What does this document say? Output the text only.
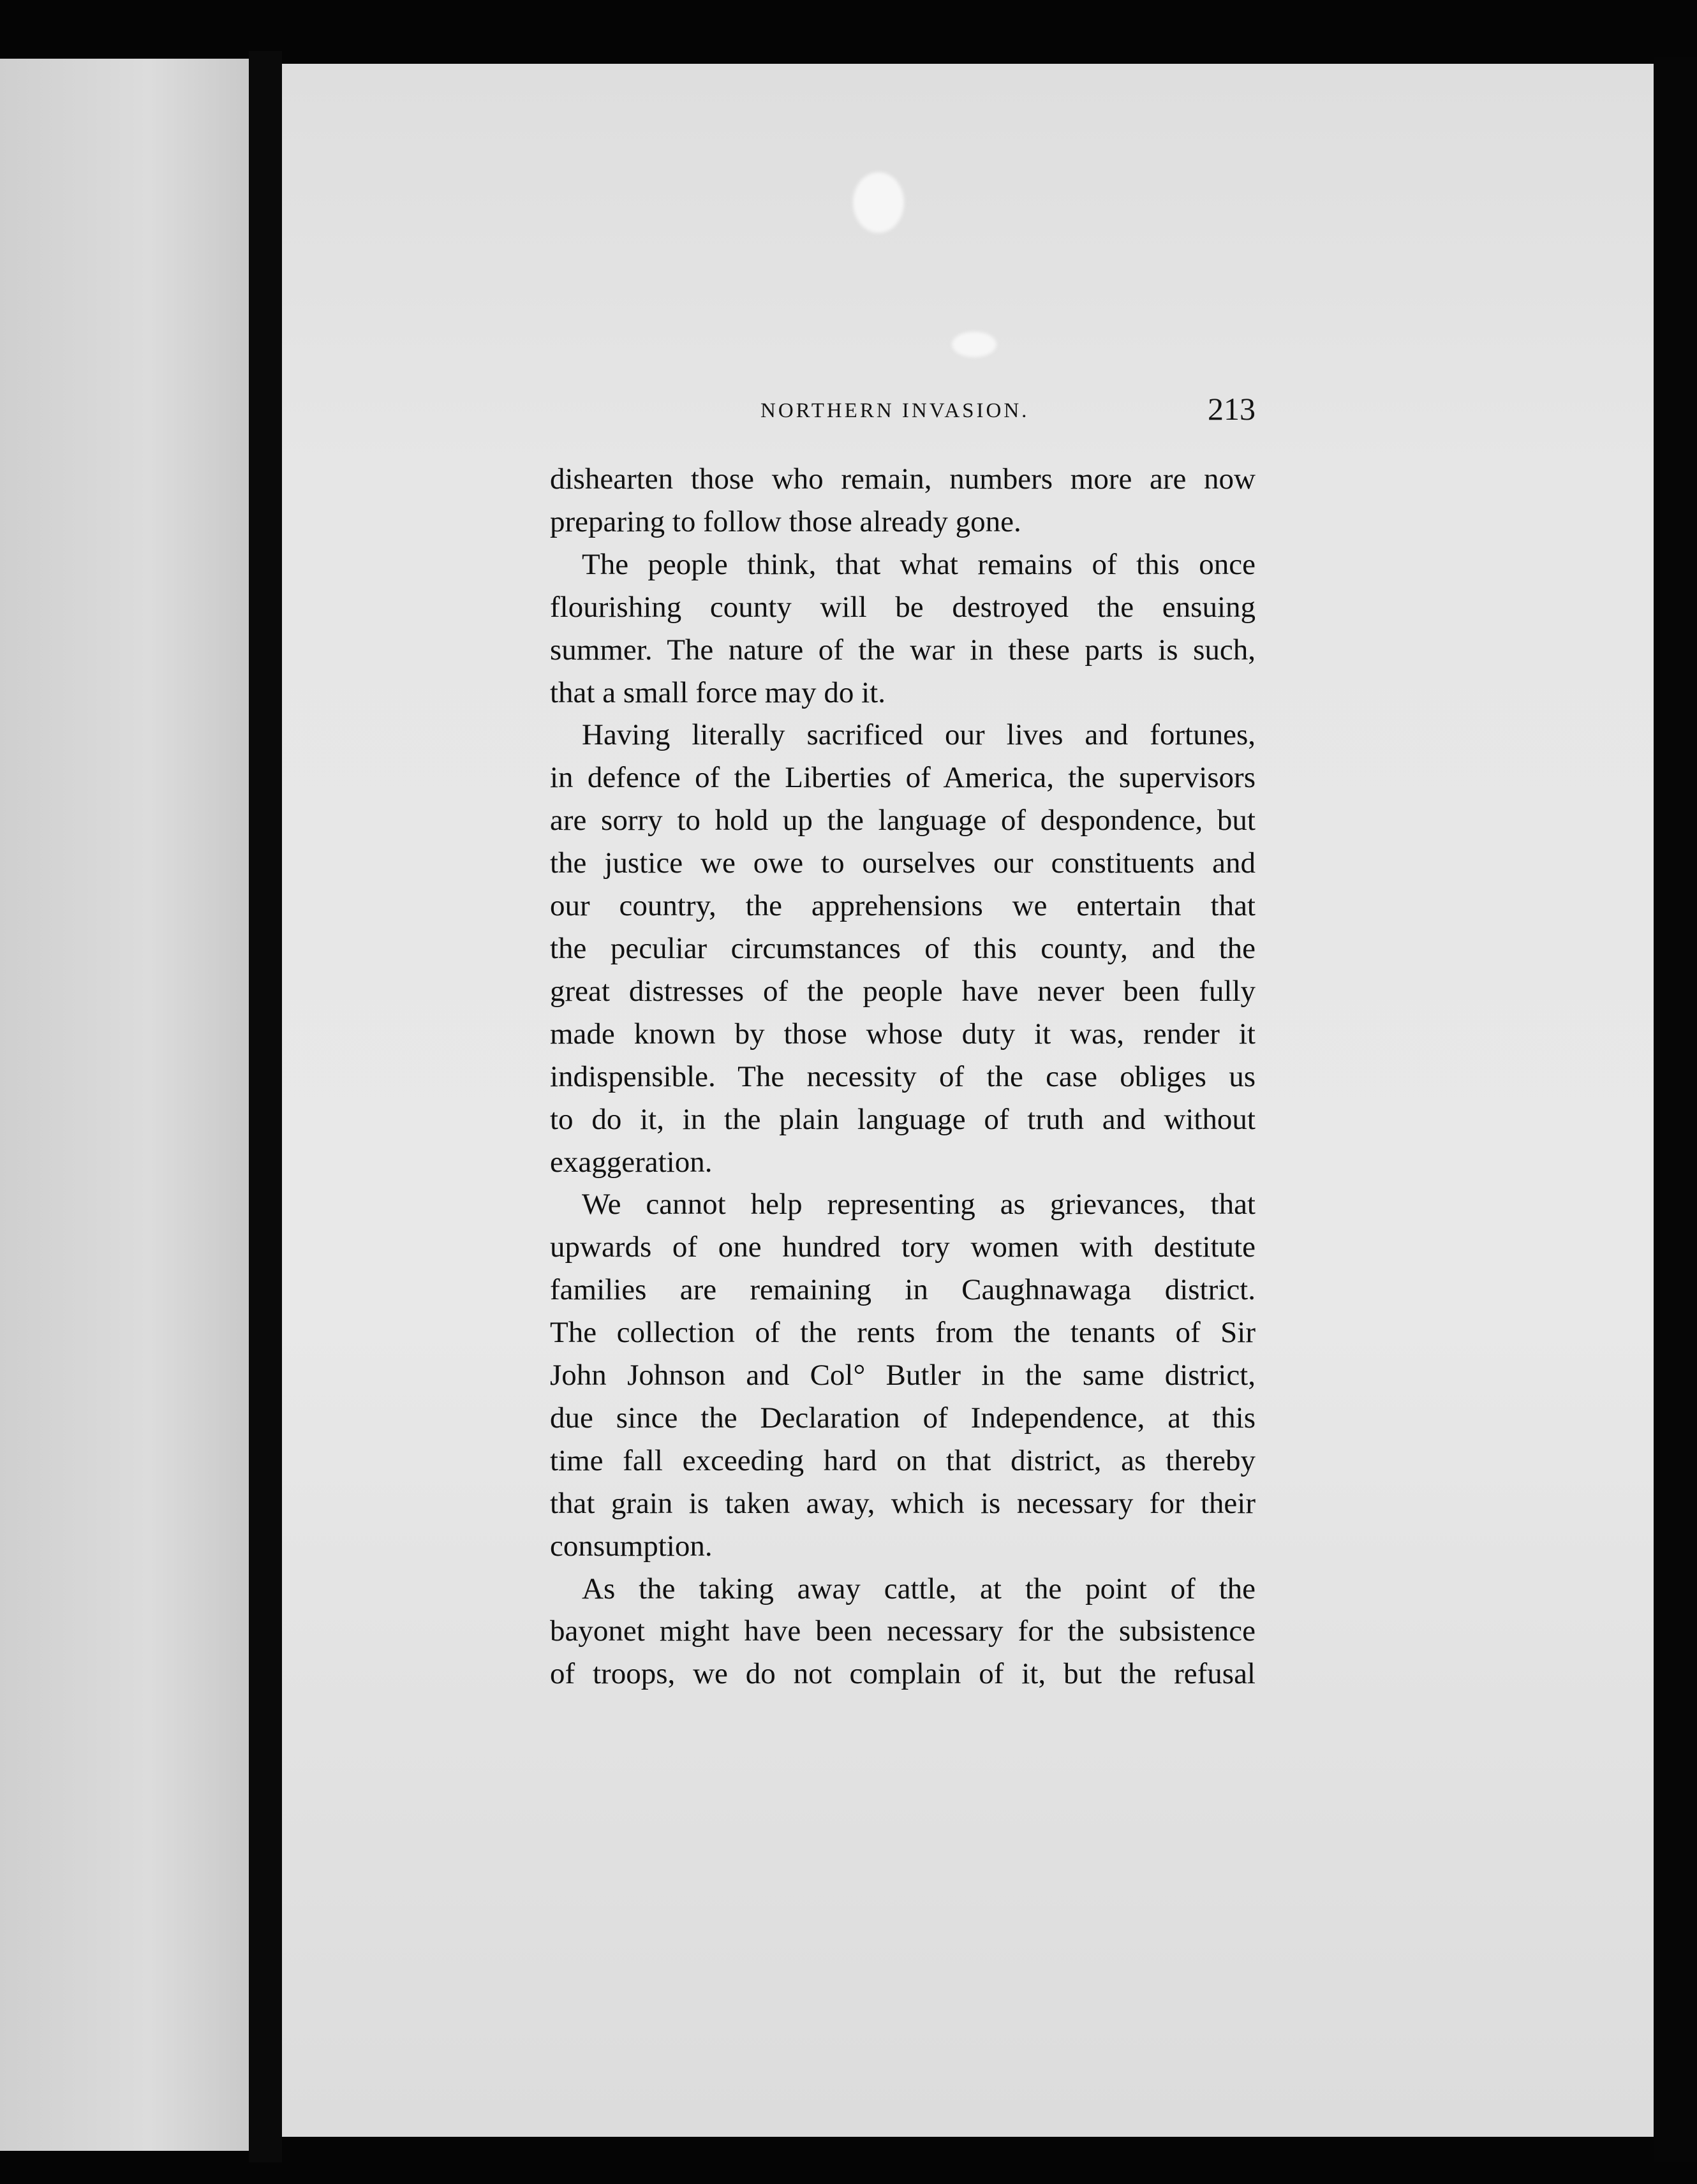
NORTHERN INVASION.	213

dishearten those who remain, numbers more are now

preparing to follow those already gone.

The people think, that what remains of this once

flourishing county will be destroyed the ensuing

summer. The nature of the war in these parts is such,

that a small force may do it.

Having literally sacrificed our lives and fortunes,

in defence of the Liberties of America, the supervisors

are sorry to hold up the language of despondence, but

the justice we owe to ourselves our constituents and

our country, the apprehensions we entertain that

the peculiar circumstances of this county, and the

great distresses of the people have never been fully

made known by those whose duty it was, render it

indispensible. The necessity of the case obliges us

to do it, in the plain language of truth and without

exaggeration.

We cannot help representing as grievances, that

upwards of one hundred tory women with destitute

families are remaining in Caughnawaga district.

The collection of the rents from the tenants of Sir

John Johnson and Col° Butler in the same district,

due since the Declaration of Independence, at this

time fall exceeding hard on that district, as thereby

that grain is taken away, which is necessary for their

consumption.

As the taking away cattle, at the point of the

bayonet might have been necessary for the subsistence

of troops, we do not complain of it, but the refusal
